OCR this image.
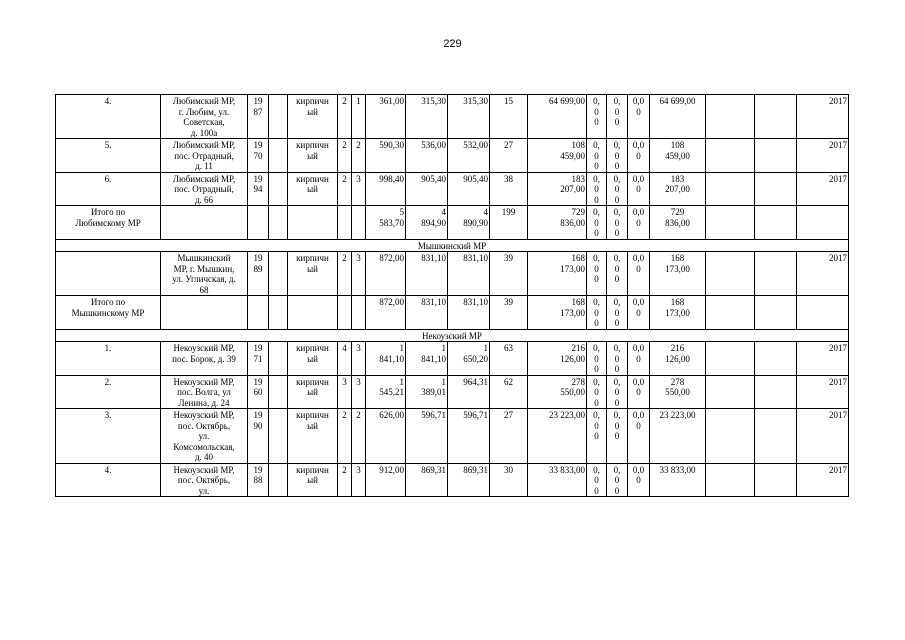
229
4.	Любимский МР,
г. Любим, ул.
Советская,
д. 100а	19
87		кирпичн
ый	2	1	361,00	315,30	315,30	15	64 699,00	0,
0
0	0,
0
0	0,0
0	64 699,00			2017
5.	Любимский МР,
пос. Отрадный,
д. 11	19
70		кирпичн
ый	2	2	590,30	536,00	532,00	27	108
459,00	0,
0
0	0,
0
0	0,0
0	108
459,00			2017
6.	Любимский МР,
пос. Отрадный,
д. 66	19
94		кирпичн
ый	2	3	998,40	905,40	905,40	38	183
207,00	0,
0
0	0,
0
0	0,0
0	183
207,00			2017
Итого по
Любимскому МР							5
583,70	4
894,90	4
890,90	199	729
836,00	0,
0
0	0,
0
0	0,0
0	729
836,00			
Мышкинский МР																		
	Мышкинский
МР, г. Мышкин,
ул. Угличская, д.
68	19
89		кирпичн
ый	2	3	872,00	831,10	831,10	39	168
173,00	0,
0
0	0,
0
0	0,0
0	168
173,00			2017
Итого по
Мышкинскому МР							872,00	831,10	831,10	39	168
173,00	0,
0
0	0,
0
0	0,0
0	168
173,00			
Некоузский МР																		
1.	Некоузский МР,
пос. Борок, д. 39	19
71		кирпичн
ый	4	3	1
841,10	1
841,10	1
650,20	63	216
126,00	0,
0
0	0,
0
0	0,0
0	216
126,00			2017
2.	Некоузский МР,
пос. Волга, ул
Ленина, д. 24	19
60		кирпичн
ый	3	3	1
545,21	1
389,01	964,31	62	278
550,00	0,
0
0	0,
0
0	0,0
0	278
550,00			2017
3.	Некоузский МР,
пос. Октябрь,
ул.
Комсомольская,
д. 40	19
90		кирпичн
ый	2	2	626,00	596,71	596,71	27	23 223,00	0,
0
0	0,
0
0	0,0
0	23 223,00			2017
4.	Некоузский МР,
пос. Октябрь,
ул.	19
88		кирпичн
ый	2	3	912,00	869,31	869,31	30	33 833,00	0,
0
0	0,
0
0	0,0
0	33 833,00			2017
